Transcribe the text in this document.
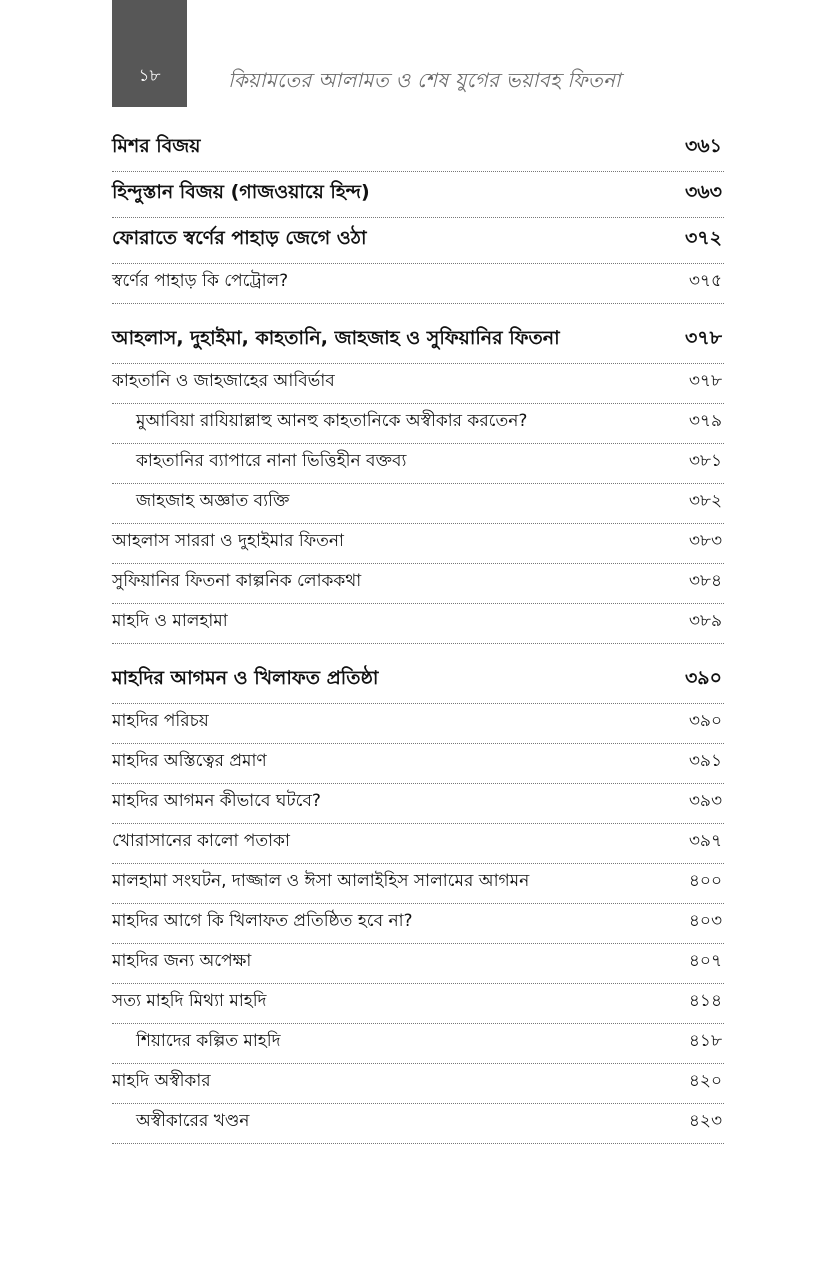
১৮	কিয়ামতের আলামত ও শেষ যুগের ভয়াবহ ফিতনা
মিশর বিজয়	৩৬১
হিন্দুস্তান বিজয় (গাজওয়ায়ে হিন্দ)	৩৬৩
ফোরাতে স্বর্ণের পাহাড় জেগে ওঠা	৩৭২
স্বর্ণের পাহাড় কি পেট্রোল?	৩৭৫
আহলাস, দুহাইমা, কাহতানি, জাহজাহ ও সুফিয়ানির ফিতনা	৩৭৮
কাহতানি ও জাহজাহের আবির্ভাব	৩৭৮
মুআবিয়া রাযিয়াল্লাহু আনহু কাহতানিকে অস্বীকার করতেন?	৩৭৯
কাহতানির ব্যাপারে নানা ভিত্তিহীন বক্তব্য	৩৮১
জাহজাহ অজ্ঞাত ব্যক্তি	৩৮২
আহলাস সাররা ও দুহাইমার ফিতনা	৩৮৩
সুফিয়ানির ফিতনা কাল্পনিক লোককথা	৩৮৪
মাহদি ও মালহামা	৩৮৯
মাহদির আগমন ও খিলাফত প্রতিষ্ঠা	৩৯০
মাহদির পরিচয়	৩৯০
মাহদির অস্তিত্বের প্রমাণ	৩৯১
মাহদির আগমন কীভাবে ঘটবে?	৩৯৩
খোরাসানের কালো পতাকা	৩৯৭
মালহামা সংঘটন, দাজ্জাল ও ঈসা আলাইহিস সালামের আগমন	৪০০
মাহদির আগে কি খিলাফত প্রতিষ্ঠিত হবে না?	৪০৩
মাহদির জন্য অপেক্ষা	৪০৭
সত্য মাহদি মিথ্যা মাহদি	৪১৪
শিয়াদের কল্পিত মাহদি	৪১৮
মাহদি অস্বীকার	৪২০
অস্বীকারের খণ্ডন	৪২৩
